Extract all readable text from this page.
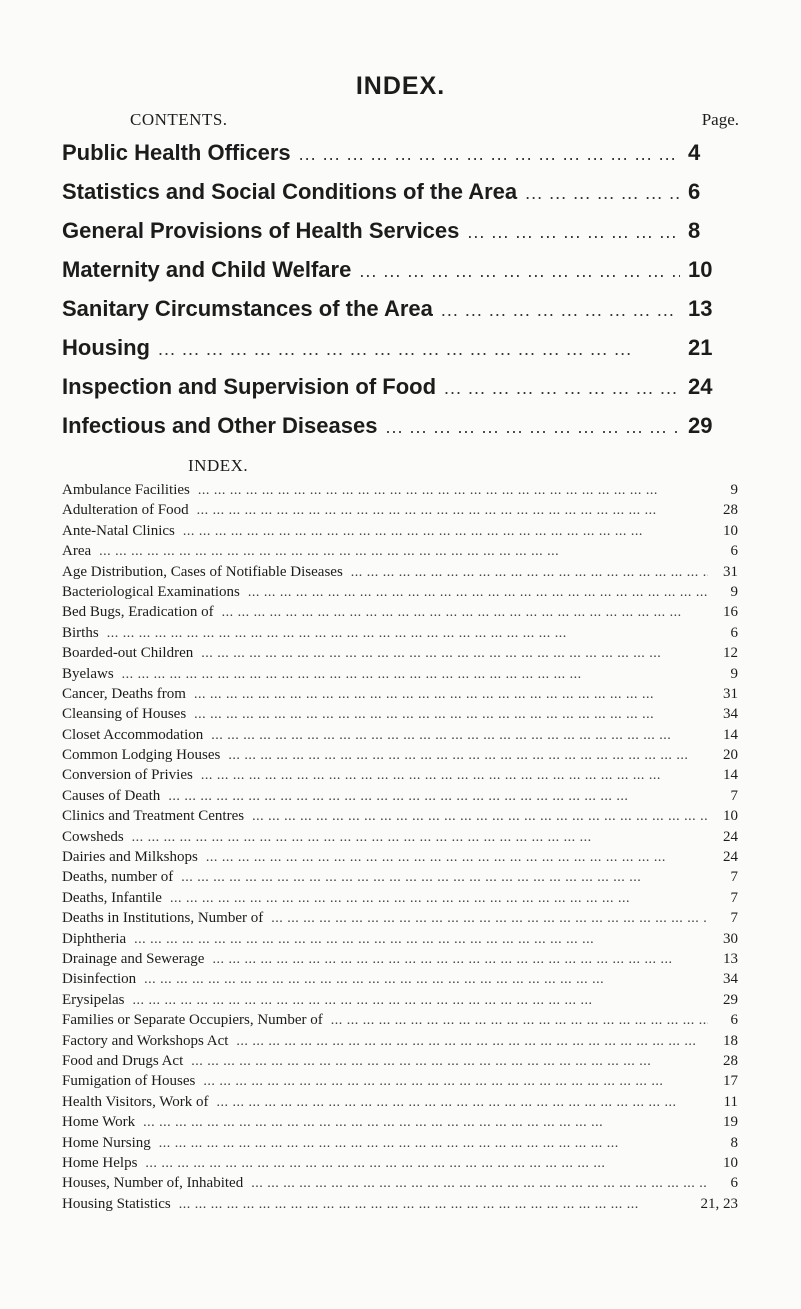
INDEX.
CONTENTS.	Page.
Public Health Officers ...	4
Statistics and Social Conditions of the Area ...	6
General Provisions of Health Services ...	8
Maternity and Child Welfare ...	10
Sanitary Circumstances of the Area ...	13
Housing ...	21
Inspection and Supervision of Food ...	24
Infectious and Other Diseases ...	29
INDEX.
Ambulance Facilities ... .	9
Adulteration of Food ... .	28
Ante-Natal Clinics ... .	10
Area ... .	6
Age Distribution, Cases of Notifiable Diseases ... .	31
Bacteriological Examinations ... .	9
Bed Bugs, Eradication of ... .	16
Births ... .	6
Boarded-out Children ... .	12
Byelaws ... .	9
Cancer, Deaths from ... .	31
Cleansing of Houses ... .	34
Closet Accommodation ... .	14
Common Lodging Houses ... .	20
Conversion of Privies ... .	14
Causes of Death ... .	7
Clinics and Treatment Centres ... .	10
Cowsheds ... .	24
Dairies and Milkshops ... .	24
Deaths, number of ... .	7
Deaths, Infantile ... .	7
Deaths in Institutions, Number of ... .	7
Diphtheria ... .	30
Drainage and Sewerage ... .	13
Disinfection ... .	34
Erysipelas ... .	29
Families or Separate Occupiers, Number of ... .	6
Factory and Workshops Act ... .	18
Food and Drugs Act ... .	28
Fumigation of Houses ... .	17
Health Visitors, Work of ... .	11
Home Work ... .	19
Home Nursing ... .	8
Home Helps ... .	10
Houses, Number of, Inhabited ... .	6
Housing Statistics ... .	21, 23
